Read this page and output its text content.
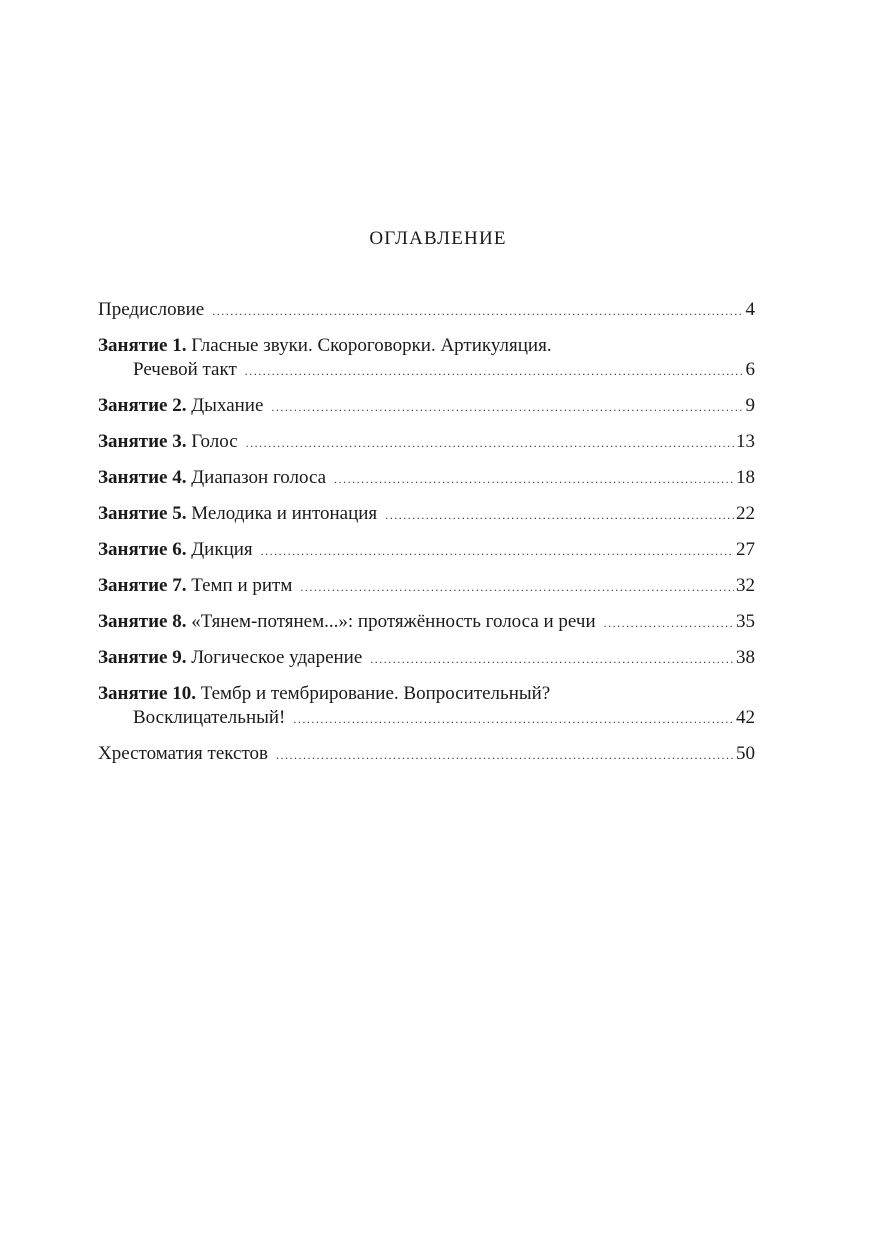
ОГЛАВЛЕНИЕ
Предисловие .....	4
Занятие 1. Гласные звуки. Скороговорки. Артикуляция.
Речевой такт .....	6
Занятие 2. Дыхание .....	9
Занятие 3. Голос .....	13
Занятие 4. Диапазон голоса .....	18
Занятие 5. Мелодика и интонация .....	22
Занятие 6. Дикция .....	27
Занятие 7. Темп и ритм .....	32
Занятие 8. «Тянем-потянем...»: протяжённость голоса и речи .....	35
Занятие 9. Логическое ударение .....	38
Занятие 10. Тембр и тембрирование. Вопросительный?
Восклицательный! .....	42
Хрестоматия текстов .....	50
